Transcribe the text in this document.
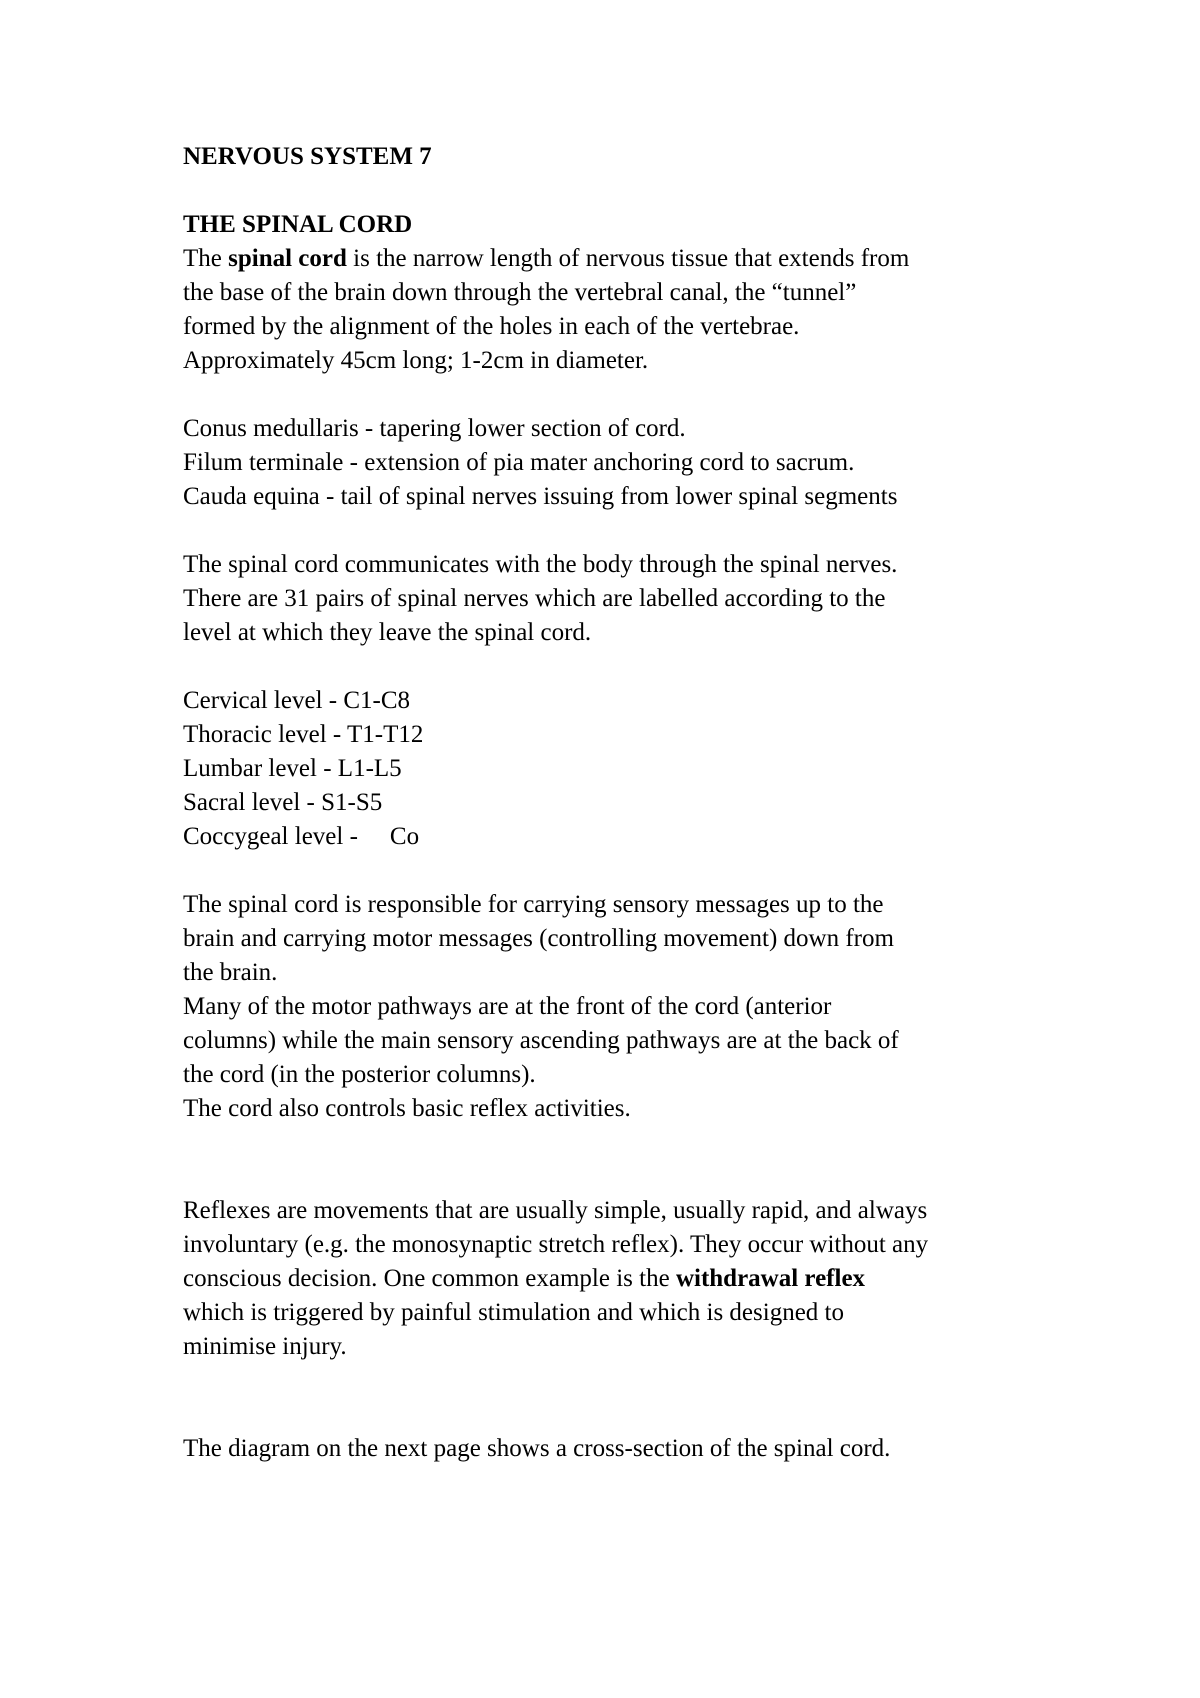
NERVOUS SYSTEM 7
THE SPINAL CORD
The spinal cord is the narrow length of nervous tissue that extends from
the base of the brain down through the vertebral canal, the “tunnel”
formed by the alignment of the holes in each of the vertebrae.
Approximately 45cm long; 1-2cm in diameter.
Conus medullaris - tapering lower section of cord.
Filum terminale - extension of pia mater anchoring cord to sacrum.
Cauda equina - tail of spinal nerves issuing from lower spinal segments
The spinal cord communicates with the body through the spinal nerves.
There are 31 pairs of spinal nerves which are labelled according to the
level at which they leave the spinal cord.
Cervical level - C1-C8
Thoracic level - T1-T12
Lumbar level - L1-L5
Sacral level - S1-S5
Coccygeal level - Co
The spinal cord is responsible for carrying sensory messages up to the
brain and carrying motor messages (controlling movement) down from
the brain.
Many of the motor pathways are at the front of the cord (anterior
columns) while the main sensory ascending pathways are at the back of
the cord (in the posterior columns).
The cord also controls basic reflex activities.
Reflexes are movements that are usually simple, usually rapid, and always
involuntary (e.g. the monosynaptic stretch reflex). They occur without any
conscious decision. One common example is the withdrawal reflex
which is triggered by painful stimulation and which is designed to
minimise injury.
The diagram on the next page shows a cross-section of the spinal cord.
